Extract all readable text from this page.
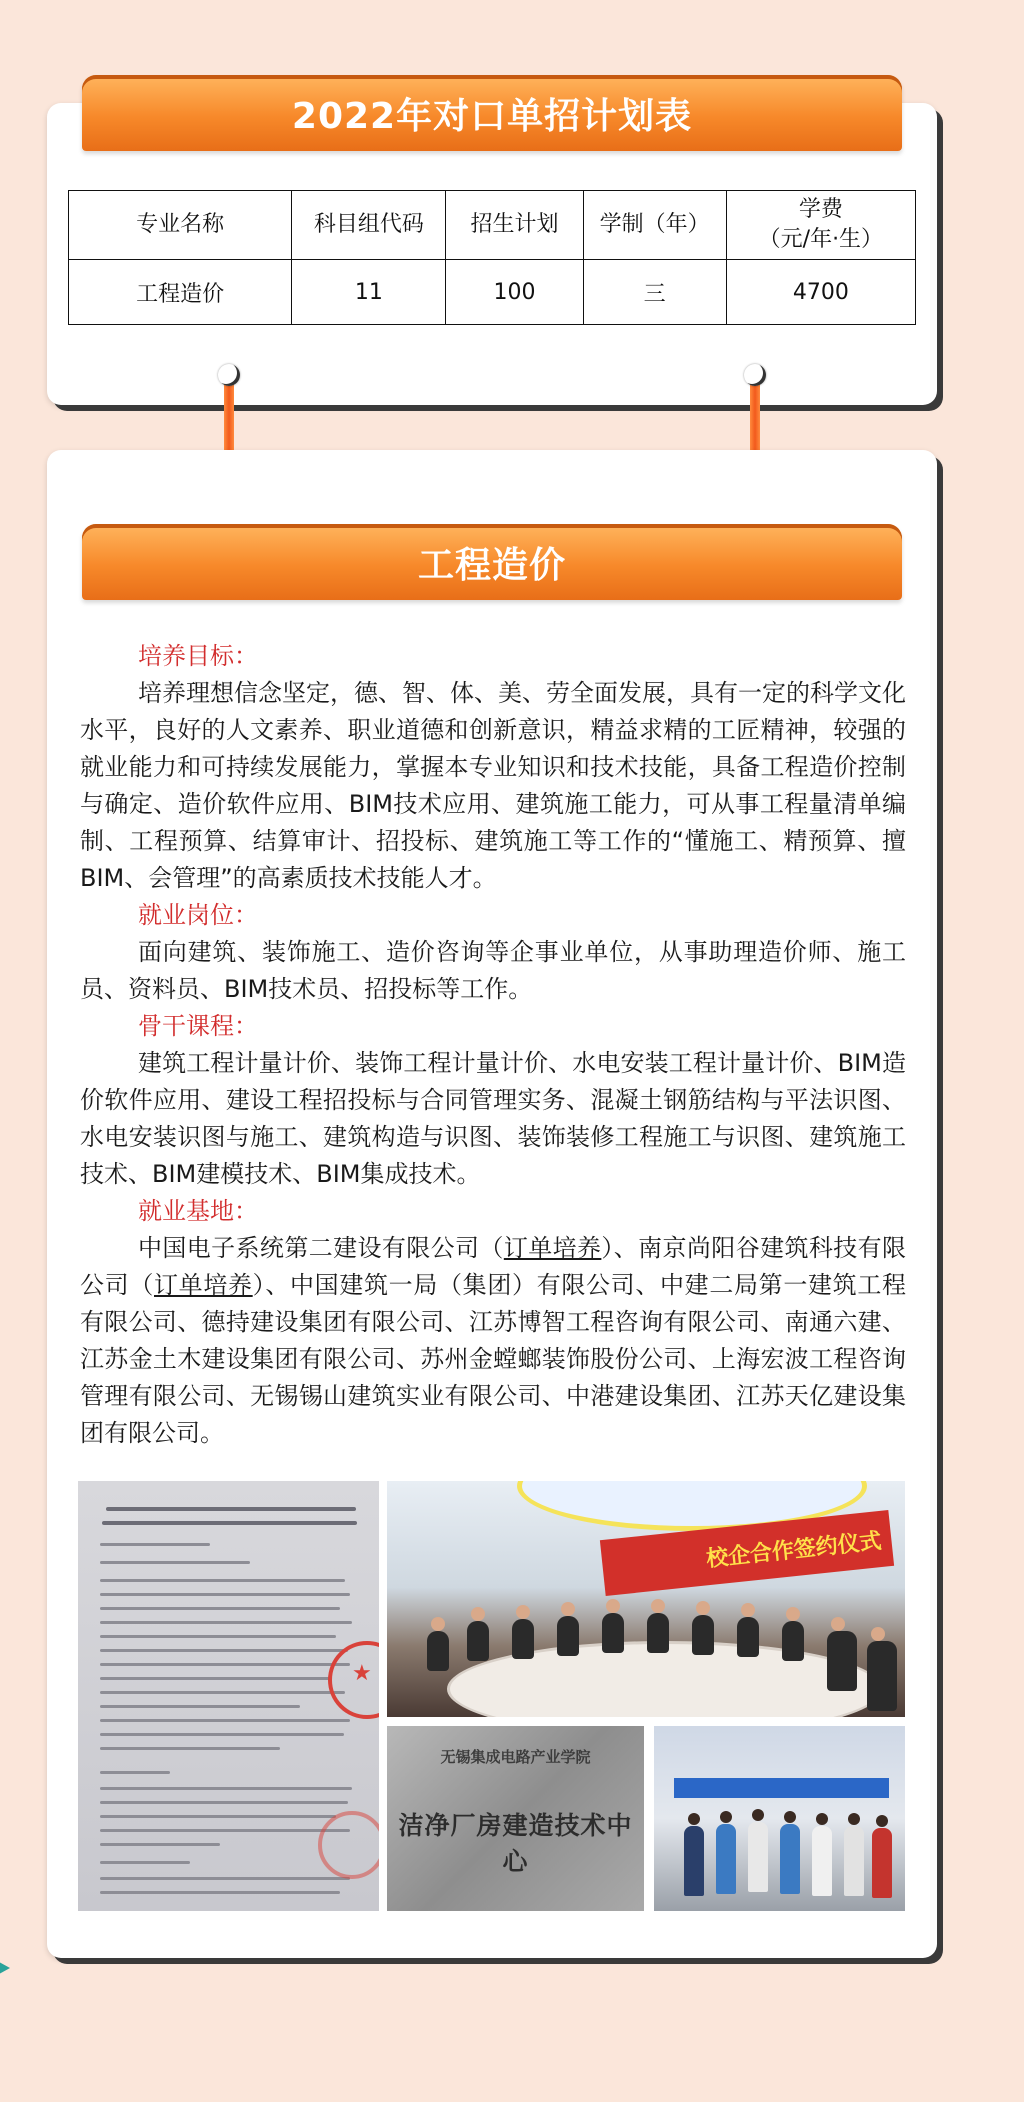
2022年对口单招计划表
专业名称	科目组代码	招生计划	学制（年）	学费
（元/年·生）

工程造价	11	100	三	4700
工程造价
培养目标：

培养理想信念坚定，德、智、体、美、劳全面发展，具有一定的科学文化水平，良好的人文素养、职业道德和创新意识，精益求精的工匠精神，较强的就业能力和可持续发展能力，掌握本专业知识和技术技能，具备工程造价控制与确定、造价软件应用、BIM技术应用、建筑施工能力，可从事工程量清单编制、工程预算、结算审计、招投标、建筑施工等工作的“懂施工、精预算、擅BIM、会管理”的高素质技术技能人才。

就业岗位：

面向建筑、装饰施工、造价咨询等企事业单位，从事助理造价师、施工员、资料员、BIM技术员、招投标等工作。

骨干课程：

建筑工程计量计价、装饰工程计量计价、水电安装工程计量计价、BIM造价软件应用、建设工程招投标与合同管理实务、混凝土钢筋结构与平法识图、水电安装识图与施工、建筑构造与识图、装饰装修工程施工与识图、建筑施工技术、BIM建模技术、BIM集成技术。

就业基地：

中国电子系统第二建设有限公司（订单培养）、南京尚阳谷建筑科技有限公司（订单培养）、中国建筑一局（集团）有限公司、中建二局第一建筑工程有限公司、德持建设集团有限公司、江苏博智工程咨询有限公司、南通六建、江苏金土木建设集团有限公司、苏州金螳螂装饰股份公司、上海宏波工程咨询管理有限公司、无锡锡山建筑实业有限公司、中港建设集团、江苏天亿建设集团有限公司。

★
校企合作签约仪式
无锡集成电路产业学院
洁净厂房建造技术中心
